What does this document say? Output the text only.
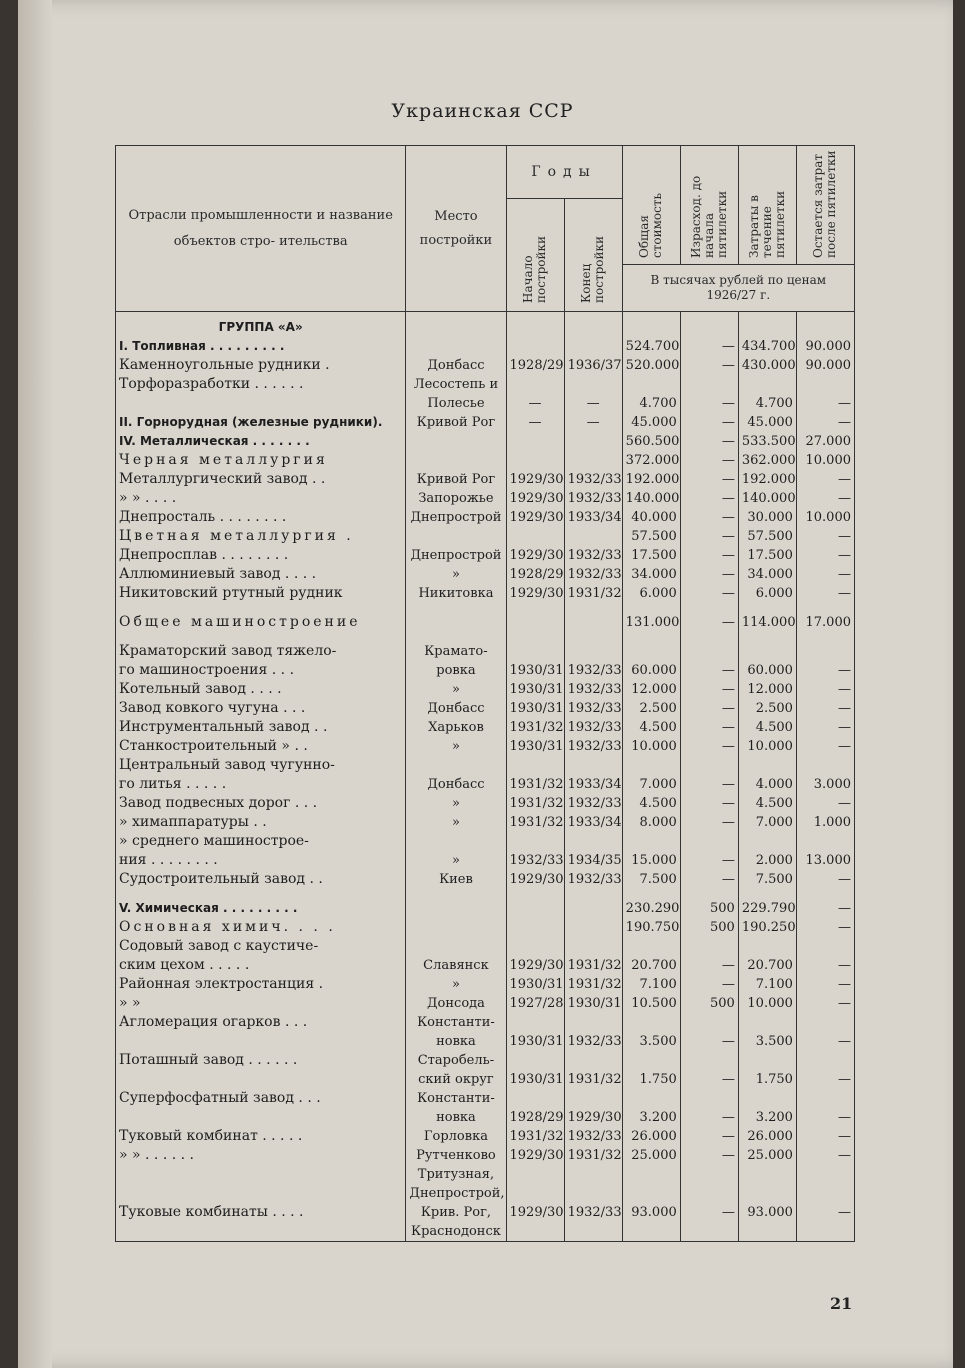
Украинская ССР
Отрасли промышленности и название объектов стро- ительства	Место постройки	Годы		Общая стоимость	Израсход. до начала пятилетки	Затраты в течение пятилетки	Остается затрат после пятилетки
		Начало постройки	Конец постройки				
				В тысячах рублей по ценам 1926/27 г.			
ГРУППА «А»							
I. Топливная . . . . . . . . .				524.700	—	434.700	90.000
Каменноугольные рудники .	Донбасс	1928/29	1936/37	520.000	—	430.000	90.000
Торфоразработки . . . . . .	Лесостепь и						
	Полесье	—	—	4.700	—	4.700	—
II. Горнорудная (железные рудники).	Кривой Рог	—	—	45.000	—	45.000	—
IV. Металлическая . . . . . . .				560.500	—	533.500	27.000
Черная металлургия				372.000	—	362.000	10.000
Металлургический завод . .	Кривой Рог	1929/30	1932/33	192.000	—	192.000	—
» » . . . .	Запорожье	1929/30	1932/33	140.000	—	140.000	—
Днепросталь . . . . . . . .	Днепрострой	1929/30	1933/34	40.000	—	30.000	10.000
Цветная металлургия .				57.500	—	57.500	—
Днепросплав . . . . . . . .	Днепрострой	1929/30	1932/33	17.500	—	17.500	—
Аллюминиевый завод . . . .	»	1928/29	1932/33	34.000	—	34.000	—
Никитовский ртутный рудник	Никитовка	1929/30	1931/32	6.000	—	6.000	—

Общее машиностроение				131.000	—	114.000	17.000

Краматорский завод тяжело-	Крамато-						
го машиностроения . . .	ровка	1930/31	1932/33	60.000	—	60.000	—
Котельный завод . . . .	»	1930/31	1932/33	12.000	—	12.000	—
Завод ковкого чугуна . . .	Донбасс	1930/31	1932/33	2.500	—	2.500	—
Инструментальный завод . .	Харьков	1931/32	1932/33	4.500	—	4.500	—
Станкостроительный » . .	»	1930/31	1932/33	10.000	—	10.000	—
Центральный завод чугунно-							
го литья . . . . .	Донбасс	1931/32	1933/34	7.000	—	4.000	3.000
Завод подвесных дорог . . .	»	1931/32	1932/33	4.500	—	4.500	—
» химаппаратуры . .	»	1931/32	1933/34	8.000	—	7.000	1.000
» среднего машинострое-							
ния . . . . . . . .	»	1932/33	1934/35	15.000	—	2.000	13.000
Судостроительный завод . .	Киев	1929/30	1932/33	7.500	—	7.500	—

V. Химическая . . . . . . . . .				230.290	500	229.790	—
Основная химич. . . .				190.750	500	190.250	—
Содовый завод с каустиче-							
ским цехом . . . . .	Славянск	1929/30	1931/32	20.700	—	20.700	—
Районная электростанция .	»	1930/31	1931/32	7.100	—	7.100	—
» »	Донсода	1927/28	1930/31	10.500	500	10.000	—
Агломерация огарков . . .	Константи-						
	новка	1930/31	1932/33	3.500	—	3.500	—
Поташный завод . . . . . .	Старобель-						
	ский округ	1930/31	1931/32	1.750	—	1.750	—
Суперфосфатный завод . . .	Константи-						
	новка	1928/29	1929/30	3.200	—	3.200	—
Туковый комбинат . . . . .	Горловка	1931/32	1932/33	26.000	—	26.000	—
» » . . . . . .	Рутченково	1929/30	1931/32	25.000	—	25.000	—
	Тритузная,						
	Днепрострой,						
Туковые комбинаты . . . .	Крив. Рог,	1929/30	1932/33	93.000	—	93.000	—
	Краснодонск						
21
